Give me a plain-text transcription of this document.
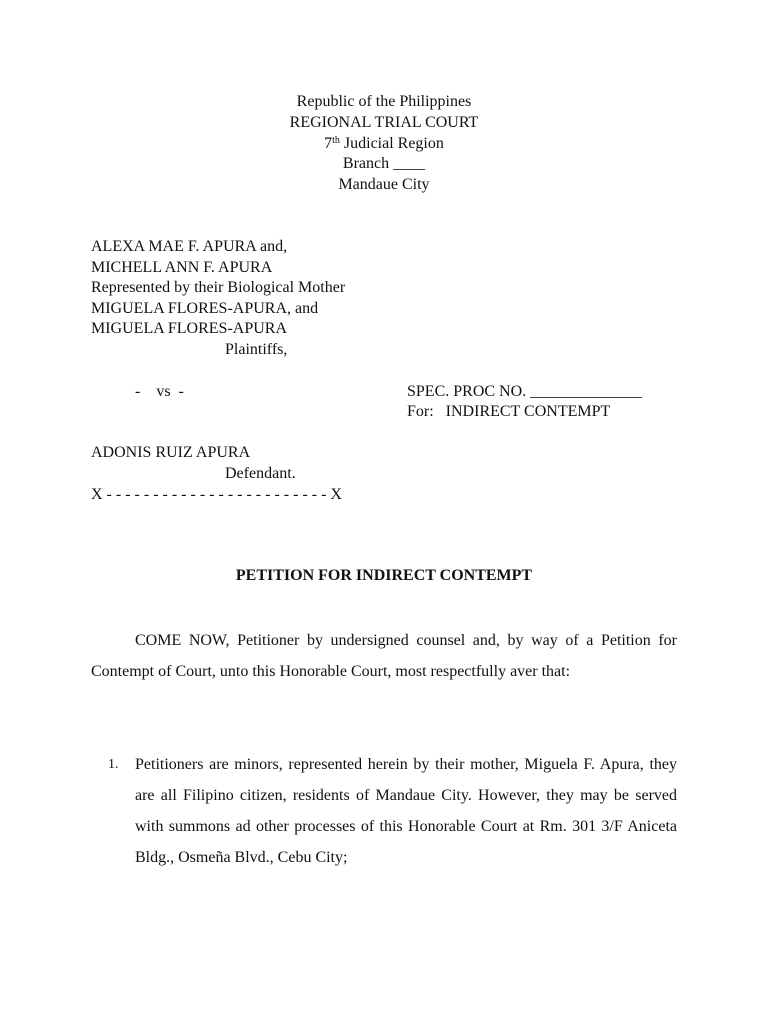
Republic of the Philippines
REGIONAL TRIAL COURT
7th Judicial Region
Branch ____
Mandaue City
ALEXA MAE F. APURA and,
MICHELL ANN F. APURA
Represented by their Biological Mother
MIGUELA FLORES-APURA, and
MIGUELA FLORES-APURA
Plaintiffs,
-    vs  -	SPEC. PROC NO. ______________
For:   INDIRECT CONTEMPT
ADONIS RUIZ APURA
Defendant.
X - - - - - - - - - - - - - - - - - - - - - - - - X
PETITION FOR INDIRECT CONTEMPT
COME NOW, Petitioner by undersigned counsel and, by way of a Petition for Contempt of Court, unto this Honorable Court, most respectfully aver that:
1. Petitioners are minors, represented herein by their mother, Miguela F. Apura, they are all Filipino citizen, residents of Mandaue City. However, they may be served with summons ad other processes of this Honorable Court at Rm. 301 3/F Aniceta Bldg., Osmeña Blvd., Cebu City;
